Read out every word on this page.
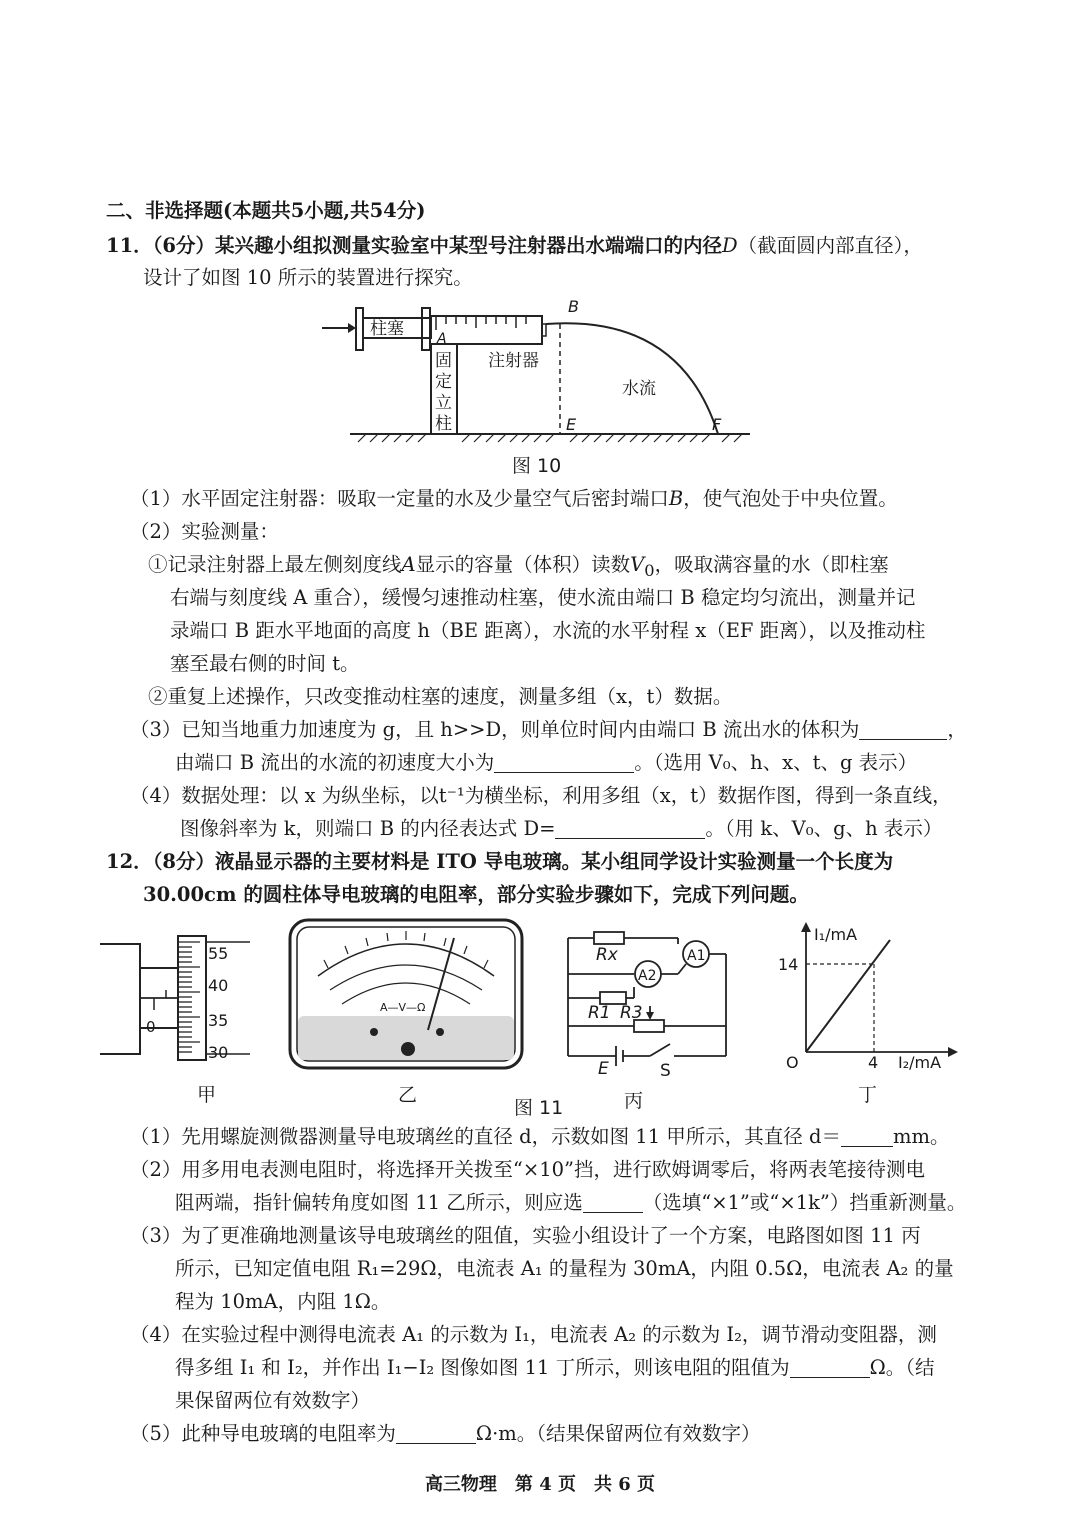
二、非选择题(本题共5小题,共54分)
11．（6分）某兴趣小组拟测量实验室中某型号注射器出水端端口的内径D（截面圆内部直径），
设计了如图 10 所示的装置进行探究。
柱塞 A
注射器
固
定
立
柱
B
E	F
水流
图 10
（1）水平固定注射器：吸取一定量的水及少量空气后密封端口B，使气泡处于中央位置。
（2）实验测量：
①记录注射器上最左侧刻度线A显示的容量（体积）读数$V_0$，吸取满容量的水（即柱塞
右端与刻度线 A 重合），缓慢匀速推动柱塞，使水流由端口 B 稳定均匀流出，测量并记
录端口 B 距水平地面的高度 h（BE 距离），水流的水平射程 x（EF 距离），以及推动柱
塞至最右侧的时间 t。
②重复上述操作，只改变推动柱塞的速度，测量多组（x，t）数据。
（3）已知当地重力加速度为 g，且 h>>D，则单位时间内由端口 B 流出水的体积为	，
由端口 B 流出的水流的初速度大小为	。（选用 V₀、h、x、t、g 表示）
（4）数据处理：以 x 为纵坐标，以t⁻¹为横坐标，利用多组（x，t）数据作图，得到一条直线，
图像斜率为 k，则端口 B 的内径表达式 D=	。（用 k、V₀、g、h 表示）
12．（8分）液晶显示器的主要材料是 ITO 导电玻璃。某小组同学设计实验测量一个长度为
30.00cm 的圆柱体导电玻璃的电阻率，部分实验步骤如下，完成下列问题。
0
55
40
35
30
A—V—Ω
Rx	A1
A2
R1 R3
E	S
I₁/mA
14
O	4 I₂/mA
甲	乙
图 11	丙	丁
（1）先用螺旋测微器测量导电玻璃丝的直径 d，示数如图 11 甲所示，其直径 d＝	mm。
（2）用多用电表测电阻时，将选择开关拨至“×10”挡，进行欧姆调零后，将两表笔接待测电
阻两端，指针偏转角度如图 11 乙所示，则应选	（选填“×1”或“×1k”）挡重新测量。
（3）为了更准确地测量该导电玻璃丝的阻值，实验小组设计了一个方案，电路图如图 11 丙
所示，已知定值电阻 R₁=29Ω，电流表 A₁ 的量程为 30mA，内阻 0.5Ω，电流表 A₂ 的量
程为 10mA，内阻 1Ω。
（4）在实验过程中测得电流表 A₁ 的示数为 I₁，电流表 A₂ 的示数为 I₂，调节滑动变阻器，测
得多组 I₁ 和 I₂，并作出 I₁−I₂ 图像如图 11 丁所示，则该电阻的阻值为	Ω。（结
果保留两位有效数字）
（5）此种导电玻璃的电阻率为	Ω·m。（结果保留两位有效数字）
高三物理　第 4 页　共 6 页
